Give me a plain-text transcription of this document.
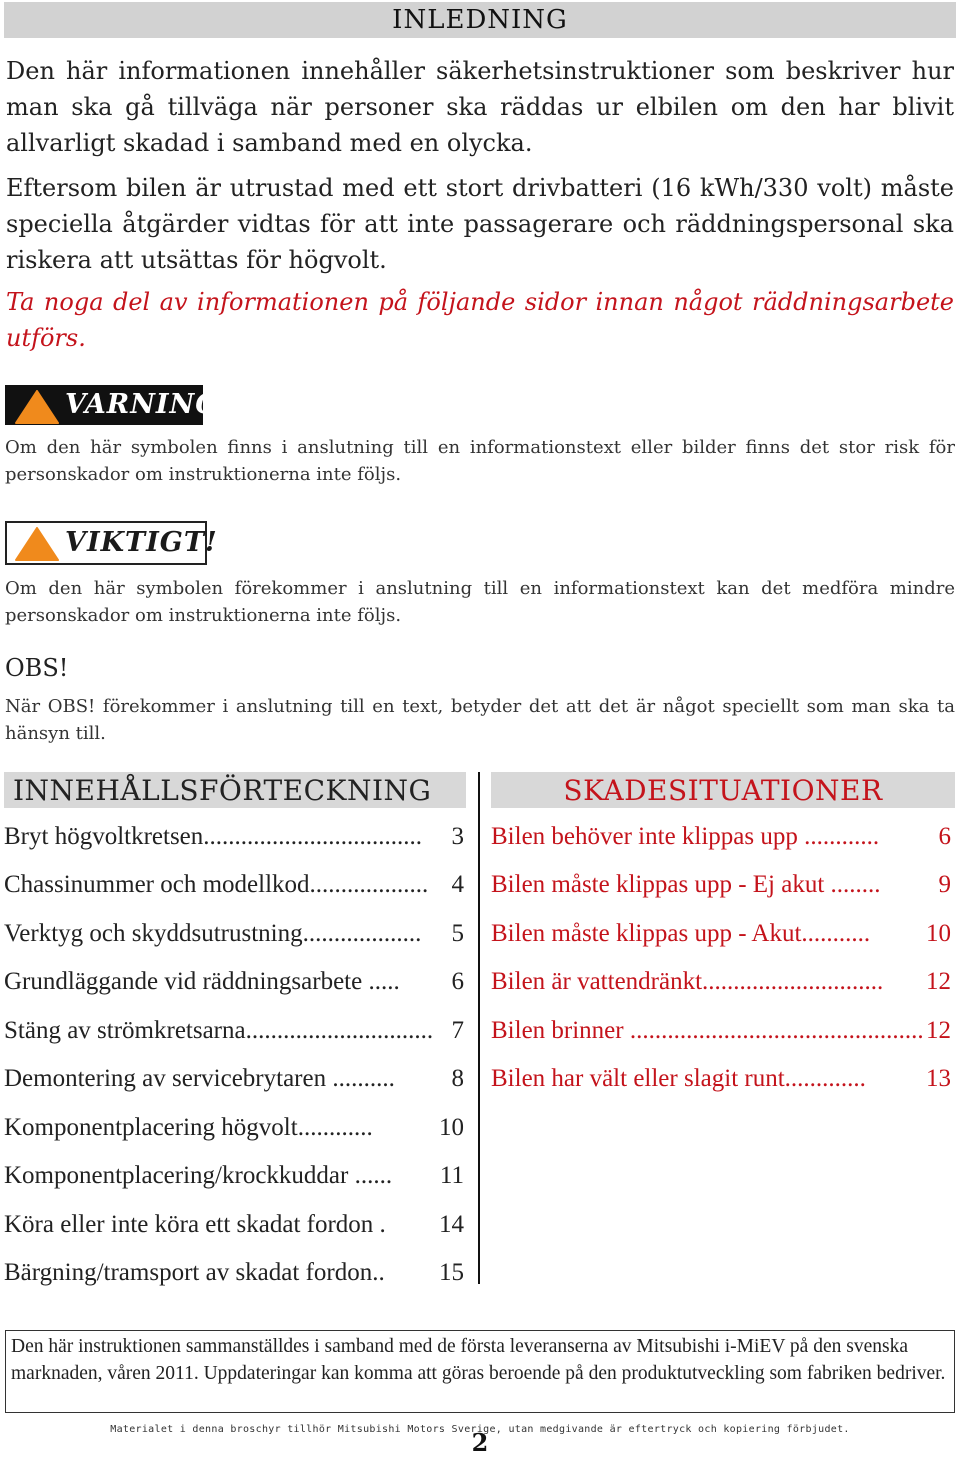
INLEDNING
Den här informationen innehåller säkerhetsinstruktioner som beskriver hur man ska gå tillväga när personer ska räddas ur elbilen om den har blivit allvarligt skadad i samband med en olycka.
Eftersom bilen är utrustad med ett stort drivbatteri (16 kWh/330 volt) måste speciella åtgärder vidtas för att inte passagerare och räddningspersonal ska riskera att utsättas för högvolt.
Ta noga del av informationen på följande sidor innan något räddningsarbete utförs.
VARNING!
Om den här symbolen finns i anslutning till en informationstext eller bilder finns det stor risk för personskador om instruktionerna inte följs.
VIKTIGT!
Om den här symbolen förekommer i anslutning till en informationstext kan det medföra mindre personskador om instruktionerna inte följs.
OBS!
När OBS! förekommer i anslutning till en text, betyder det att det är något speciellt som man ska ta hänsyn till.
INNEHÅLLSFÖRTECKNING	SKADESITUATIONER
Bryt högvoltkretsen................................... 3
Chassinummer och modellkod................... 4
Verktyg och skyddsutrustning................... 5
Grundläggande vid räddningsarbete ..... 6
Stäng av strömkretsarna.............................. 7
Demontering av servicebrytaren .......... 8
Komponentplacering högvolt............	10
Komponentplacering/krockkuddar ...... 11
Köra eller inte köra ett skadat fordon . 14
Bärgning/tramsport av skadat fordon.. 15
Bilen behöver inte klippas upp ............ 6
Bilen måste klippas upp - Ej akut ........ 9
Bilen måste klippas upp - Akut........... 10
Bilen är vattendränkt............................. 12
Bilen brinner ............................................... 12
Bilen har vält eller slagit runt............. 13
Den här instruktionen sammanställdes i samband med de första leveranserna av Mitsubishi i-MiEV på den svenska marknaden, våren 2011. Uppdateringar kan komma att göras beroende på den produktutveckling som fabriken bedriver.
Materialet i denna broschyr tillhör Mitsubishi Motors Sverige, utan medgivande är eftertryck och kopiering förbjudet.
2
